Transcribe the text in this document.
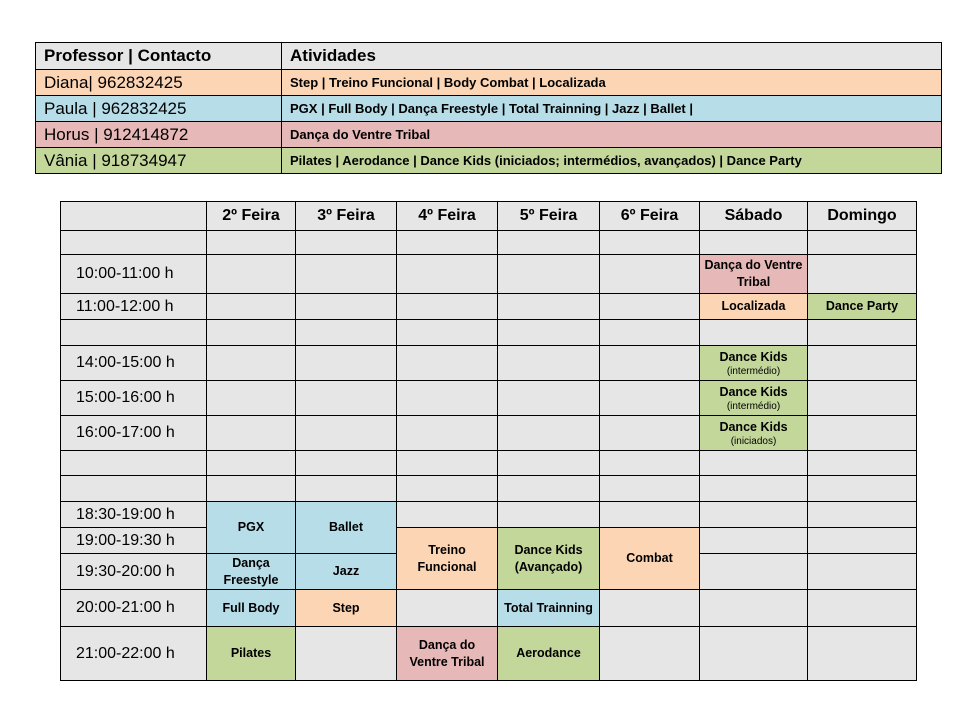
Professor | Contacto	Atividades
Diana| 962832425	Step | Treino Funcional | Body Combat | Localizada
Paula | 962832425	PGX | Full Body | Dança Freestyle | Total Trainning | Jazz | Ballet |
Horus | 912414872	Dança do Ventre Tribal
Vânia | 918734947	Pilates | Aerodance | Dance Kids (iniciados; intermédios, avançados) | Dance Party
	2º Feira	3º Feira	4º Feira	5º Feira	6º Feira	Sábado	Domingo

10:00-11:00 h						Dança do Ventre Tribal	
11:00-12:00 h						Localizada	Dance Party

14:00-15:00 h						Dance Kids
(intermédio)	

15:00-16:00 h						Dance Kids
(intermédio)	

16:00-17:00 h						Dance Kids
(iniciados)	

18:30-19:00 h	PGX	Ballet					
19:00-19:30 h			Treino Funcional	Dance Kids (Avançado)	Combat		
19:30-20:00 h	Dança Freestyle	Jazz					
20:00-21:00 h	Full Body	Step		Total Trainning			
21:00-22:00 h	Pilates		Dança do Ventre Tribal	Aerodance			
